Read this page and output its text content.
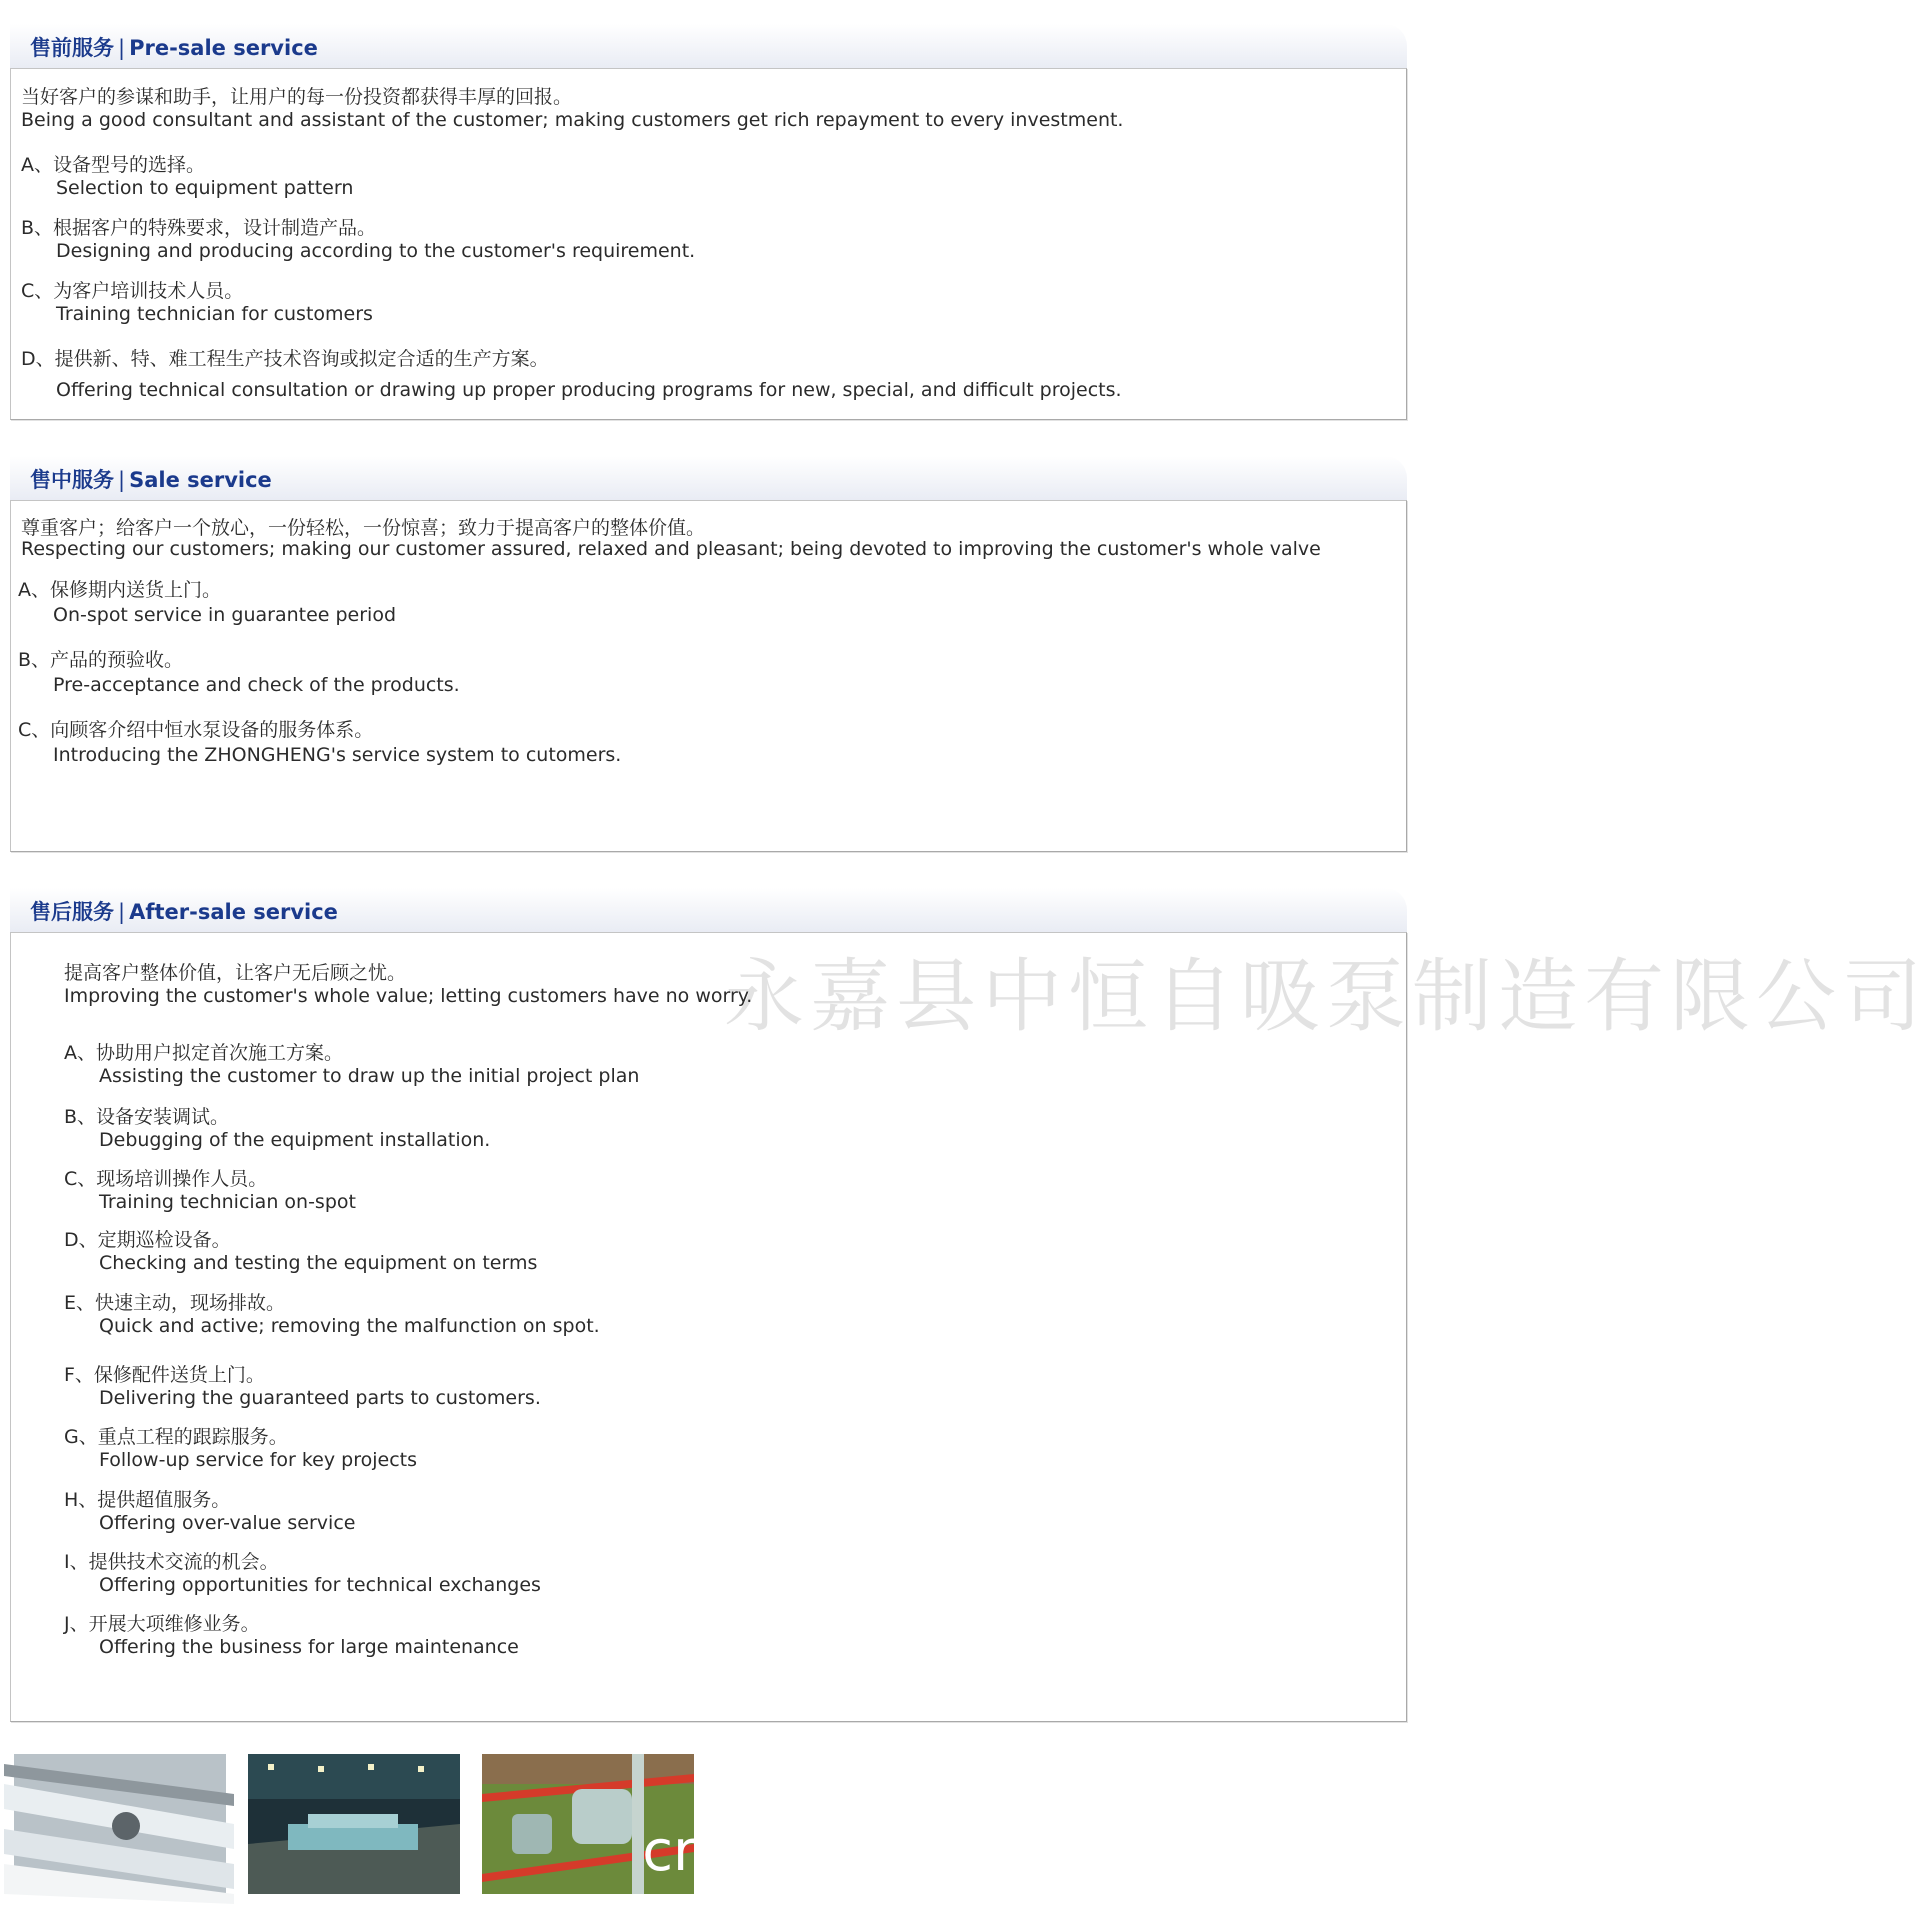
永嘉县中恒自吸泵制造有限公司
售前服务 | Pre-sale service
当好客户的参谋和助手，让用户的每一份投资都获得丰厚的回报。
Being a good consultant and assistant of the customer; making customers get rich repayment to every investment.
A、设备型号的选择。
Selection to equipment pattern
B、根据客户的特殊要求，设计制造产品。
Designing and producing according to the customer's requirement.
C、为客户培训技术人员。
Training technician for customers
D、提供新、特、难工程生产技术咨询或拟定合适的生产方案。
Offering technical consultation or drawing up proper producing programs for new, special, and difficult projects.
售中服务 | Sale service
尊重客户；给客户一个放心，一份轻松，一份惊喜；致力于提高客户的整体价值。
Respecting our customers; making our customer assured, relaxed and pleasant; being devoted to improving the customer's whole valve
A、保修期内送货上门。
On-spot service in guarantee period
B、产品的预验收。
Pre-acceptance and check of the products.
C、向顾客介绍中恒水泵设备的服务体系。
Introducing the ZHONGHENG's service system to cutomers.
售后服务 | After-sale service
提高客户整体价值，让客户无后顾之忧。
Improving the customer's whole value; letting customers have no worry.
A、协助用户拟定首次施工方案。
Assisting the customer to draw up the initial project plan
B、设备安装调试。
Debugging of the equipment installation.
C、现场培训操作人员。
Training technician on-spot
D、定期巡检设备。
Checking and testing the equipment on terms
E、快速主动，现场排故。
Quick and active; removing the malfunction on spot.
F、保修配件送货上门。
Delivering the guaranteed parts to customers.
G、重点工程的跟踪服务。
Follow-up service for key projects
H、提供超值服务。
Offering over-value service
I、提供技术交流的机会。
Offering opportunities for technical exchanges
J、开展大项维修业务。
Offering the business for large maintenance
cr
